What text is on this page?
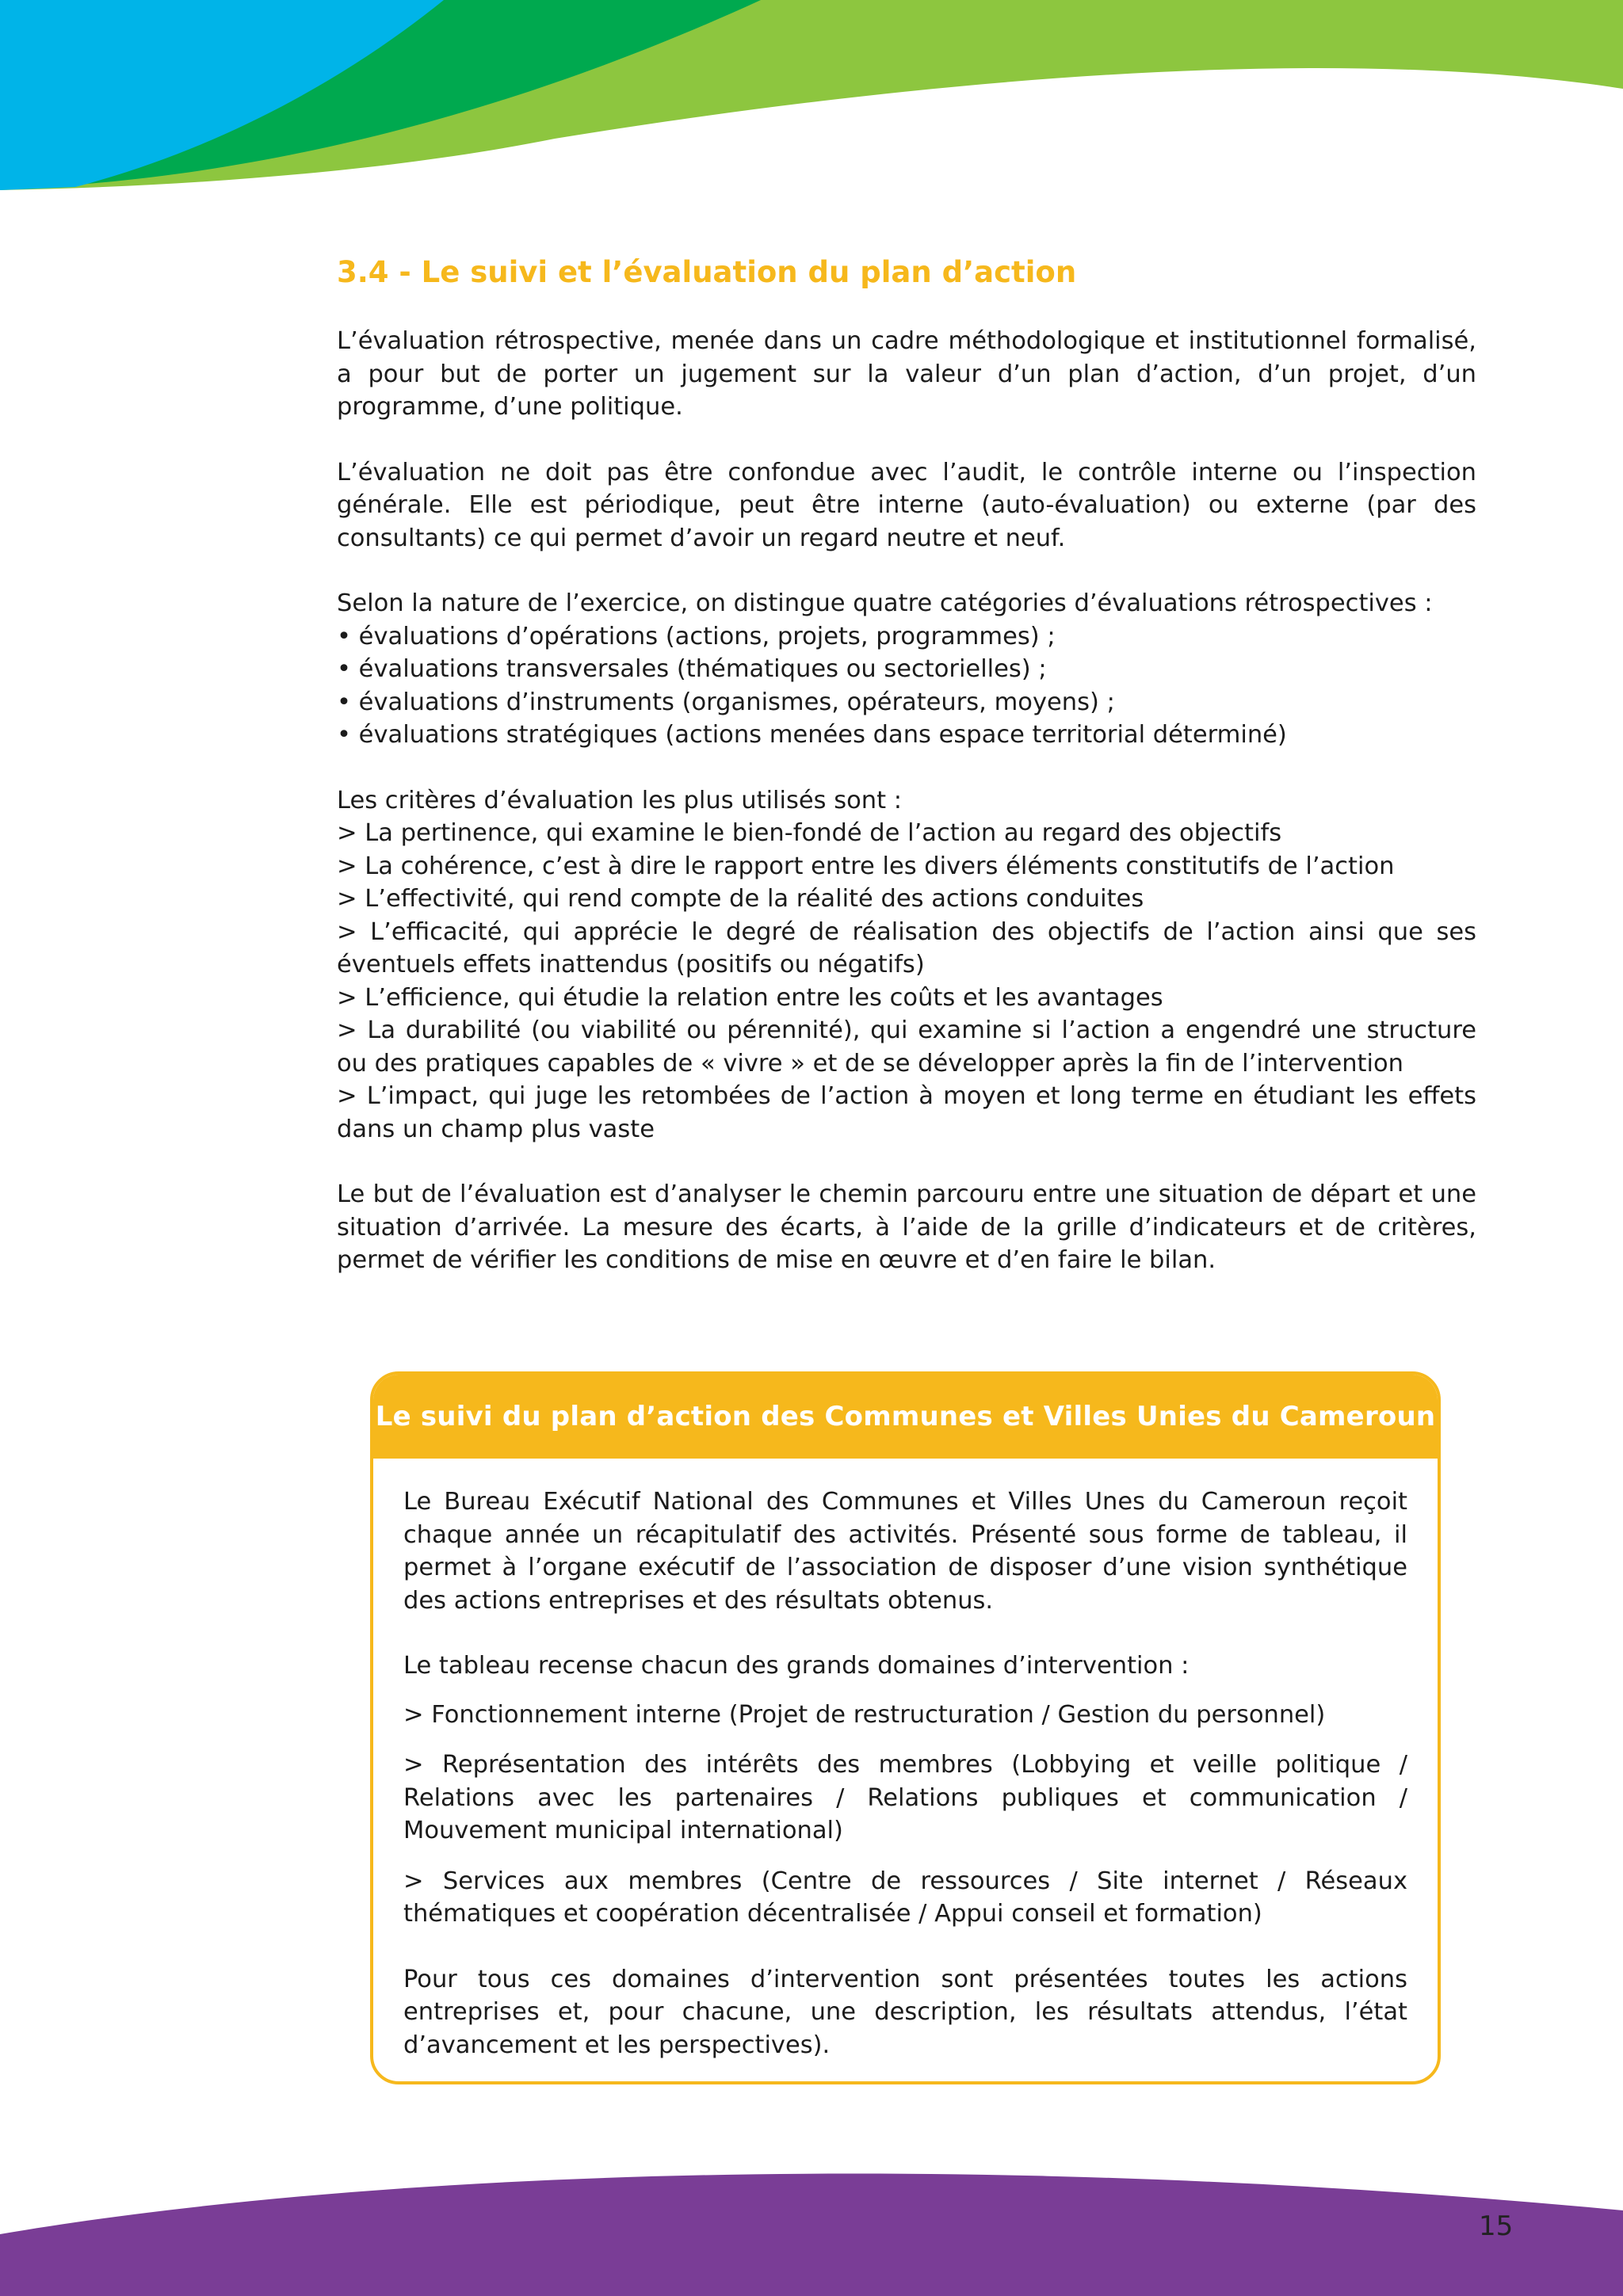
3.4 - Le suivi et l’évaluation du plan d’action

L’évaluation rétrospective, menée dans un cadre méthodologique et institutionnel formalisé, a pour but de porter un jugement sur la valeur d’un plan d’action, d’un projet, d’un programme, d’une politique.

L’évaluation ne doit pas être confondue avec l’audit, le contrôle interne ou l’inspection générale. Elle est périodique, peut être interne (auto-évaluation) ou externe (par des consultants) ce qui permet d’avoir un regard neutre et neuf.

Selon la nature de l’exercice, on distingue quatre catégories d’évaluations rétrospectives :
• évaluations d’opérations (actions, projets, programmes) ;
• évaluations transversales (thématiques ou sectorielles) ;
• évaluations d’instruments (organismes, opérateurs, moyens) ;
• évaluations stratégiques (actions menées dans espace territorial déterminé)
Les critères d’évaluation les plus utilisés sont :
> La pertinence, qui examine le bien-fondé de l’action au regard des objectifs
> La cohérence, c’est à dire le rapport entre les divers éléments constitutifs de l’action
> L’effectivité, qui rend compte de la réalité des actions conduites
> L’efficacité, qui apprécie le degré de réalisation des objectifs de l’action ainsi que ses éventuels effets inattendus (positifs ou négatifs)
> L’efficience, qui étudie la relation entre les coûts et les avantages
> La durabilité (ou viabilité ou pérennité), qui examine si l’action a engendré une structure ou des pratiques capables de « vivre » et de se développer après la fin de l’intervention
> L’impact, qui juge les retombées de l’action à moyen et long terme en étudiant les effets dans un champ plus vaste

Le but de l’évaluation est d’analyser le chemin parcouru entre une situation de départ et une situation d’arrivée. La mesure des écarts, à l’aide de la grille d’indicateurs et de critères, permet de vérifier les conditions de mise en œuvre et d’en faire le bilan.

Le suivi du plan d’action des Communes et Villes Unies du Cameroun

Le Bureau Exécutif National des Communes et Villes Unes du Cameroun reçoit chaque année un récapitulatif des activités. Présenté sous forme de tableau, il permet à l’organe exécutif de l’association de disposer d’une vision synthétique des actions entreprises et des résultats obtenus.

Le tableau recense chacun des grands domaines d’intervention :

> Fonctionnement interne (Projet de restructuration / Gestion du personnel)

> Représentation des intérêts des membres (Lobbying et veille politique / Relations avec les partenaires / Relations publiques et communication / Mouvement municipal international)

> Services aux membres (Centre de ressources / Site internet / Réseaux thématiques et coopération décentralisée / Appui conseil et formation)

Pour tous ces domaines d’intervention sont présentées toutes les actions entreprises et, pour chacune, une description, les résultats attendus, l’état d’avancement et les perspectives).

15
